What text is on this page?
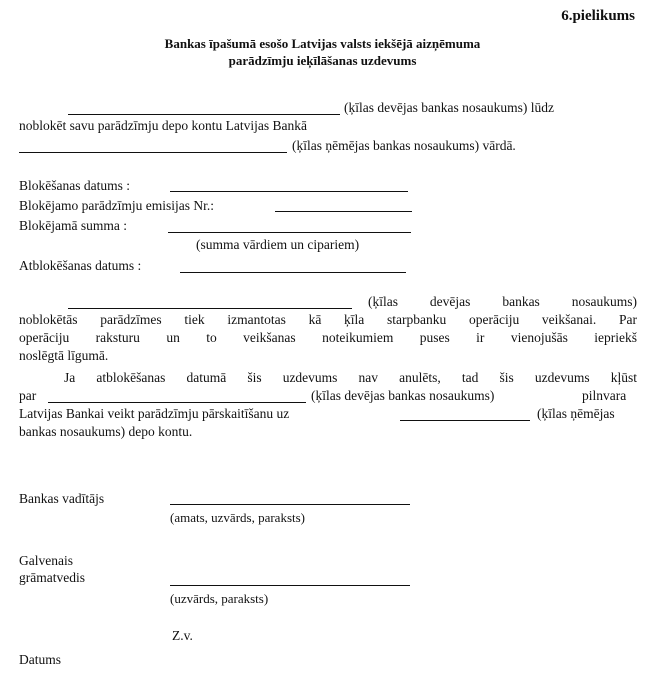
6.pielikums
Bankas īpašumā esošo Latvijas valsts iekšējā aizņēmuma
parādzīmju ieķīlāšanas uzdevums
(ķīlas devējas bankas nosaukums) lūdz
noblokēt savu parādzīmju depo kontu Latvijas Bankā
(ķīlas ņēmējas bankas nosaukums) vārdā.
Blokēšanas datums :
Blokējamo parādzīmju emisijas Nr.:
Blokējamā summa :
(summa vārdiem un cipariem)
Atblokēšanas datums :
(ķīlas devējas bankas nosaukums)
noblokētās parādzīmes tiek izmantotas kā ķīla starpbanku operāciju veikšanai. Par
operāciju raksturu un to veikšanas noteikumiem puses ir vienojušās iepriekš
noslēgtā līgumā.
Ja atblokēšanas datumā šis uzdevums nav anulēts, tad šis uzdevums kļūst
par	(ķīlas devējas bankas nosaukums)	pilnvara
Latvijas Bankai veikt parādzīmju pārskaitīšanu uz	(ķīlas ņēmējas
bankas nosaukums) depo kontu.
Bankas vadītājs
(amats, uzvārds, paraksts)
Galvenais
grāmatvedis
(uzvārds, paraksts)
Z.v.
Datums
